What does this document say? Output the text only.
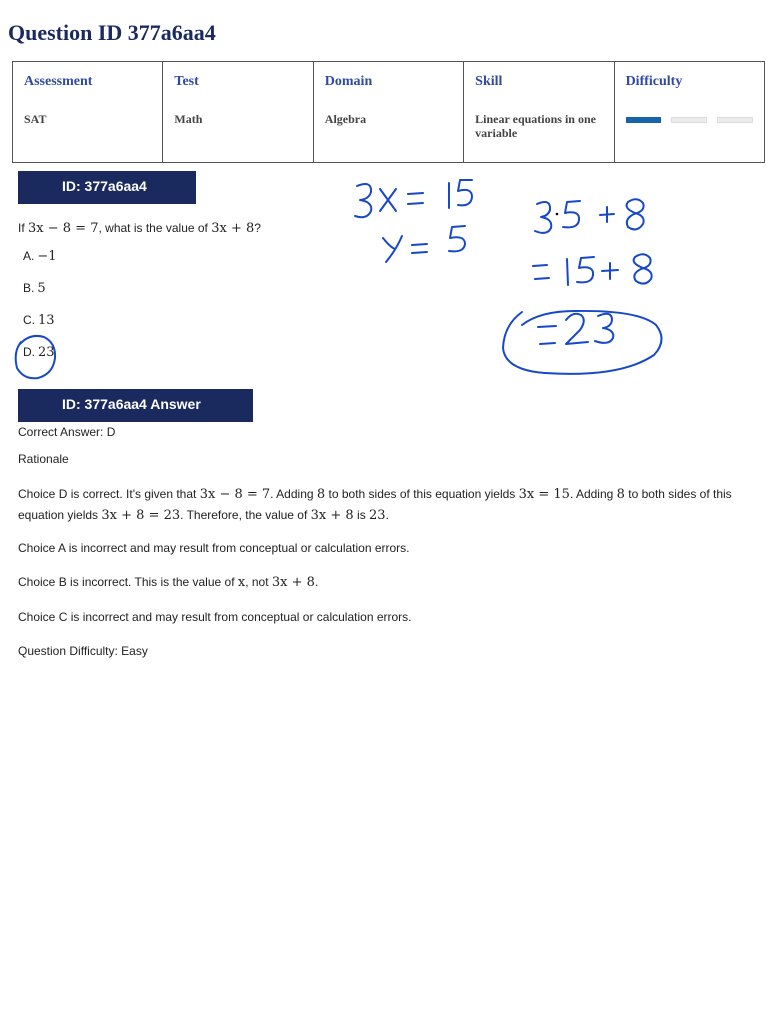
Question ID 377a6aa4
Assessment
SAT

Test
Math

Domain
Algebra

Skill
Linear equations in one variable

Difficulty
ID: 377a6aa4
If 3x − 8 = 7, what is the value of 3x + 8?
A. −1
B. 5
C. 13
D. 23
ID: 377a6aa4 Answer
Correct Answer: D
Rationale
Choice D is correct. It's given that 3x − 8 = 7. Adding 8 to both sides of this equation yields 3x = 15. Adding 8 to both sides of this equation yields 3x + 8 = 23. Therefore, the value of 3x + 8 is 23.
Choice A is incorrect and may result from conceptual or calculation errors.
Choice B is incorrect. This is the value of x, not 3x + 8.
Choice C is incorrect and may result from conceptual or calculation errors.
Question Difficulty: Easy
